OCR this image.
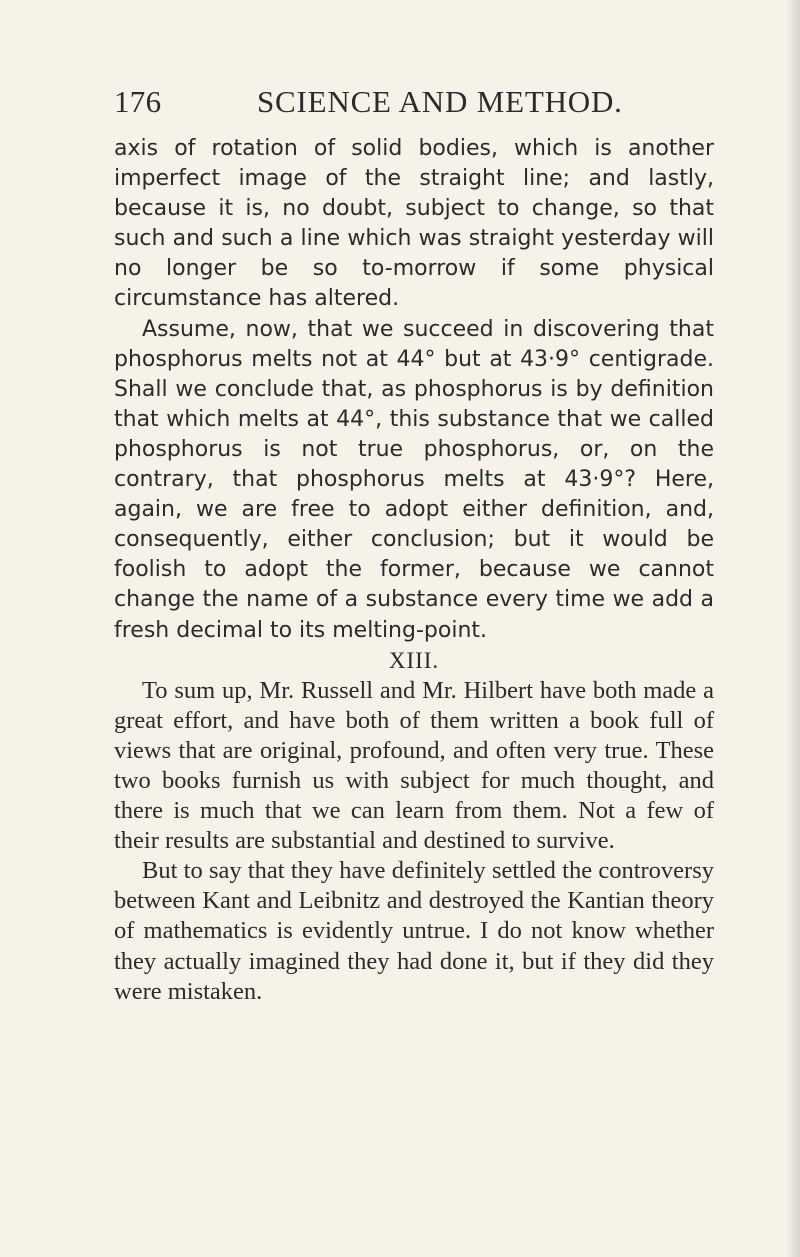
176	SCIENCE AND METHOD.

axis of rotation of solid bodies, which is another imperfect image of the straight line; and lastly, because it is, no doubt, subject to change, so that such and such a line which was straight yesterday will no longer be so to-morrow if some physical circumstance has altered.

Assume, now, that we succeed in discovering that phosphorus melts not at 44° but at 43·9° centigrade. Shall we conclude that, as phosphorus is by definition that which melts at 44°, this substance that we called phosphorus is not true phosphorus, or, on the contrary, that phosphorus melts at 43·9°? Here, again, we are free to adopt either definition, and, consequently, either conclusion; but it would be foolish to adopt the former, because we cannot change the name of a substance every time we add a fresh decimal to its melting-point.

XIII.

To sum up, Mr. Russell and Mr. Hilbert have both made a great effort, and have both of them written a book full of views that are original, profound, and often very true. These two books furnish us with subject for much thought, and there is much that we can learn from them. Not a few of their results are substantial and destined to survive.

But to say that they have definitely settled the controversy between Kant and Leibnitz and destroyed the Kantian theory of mathematics is evidently untrue. I do not know whether they actually imagined they had done it, but if they did they were mistaken.
